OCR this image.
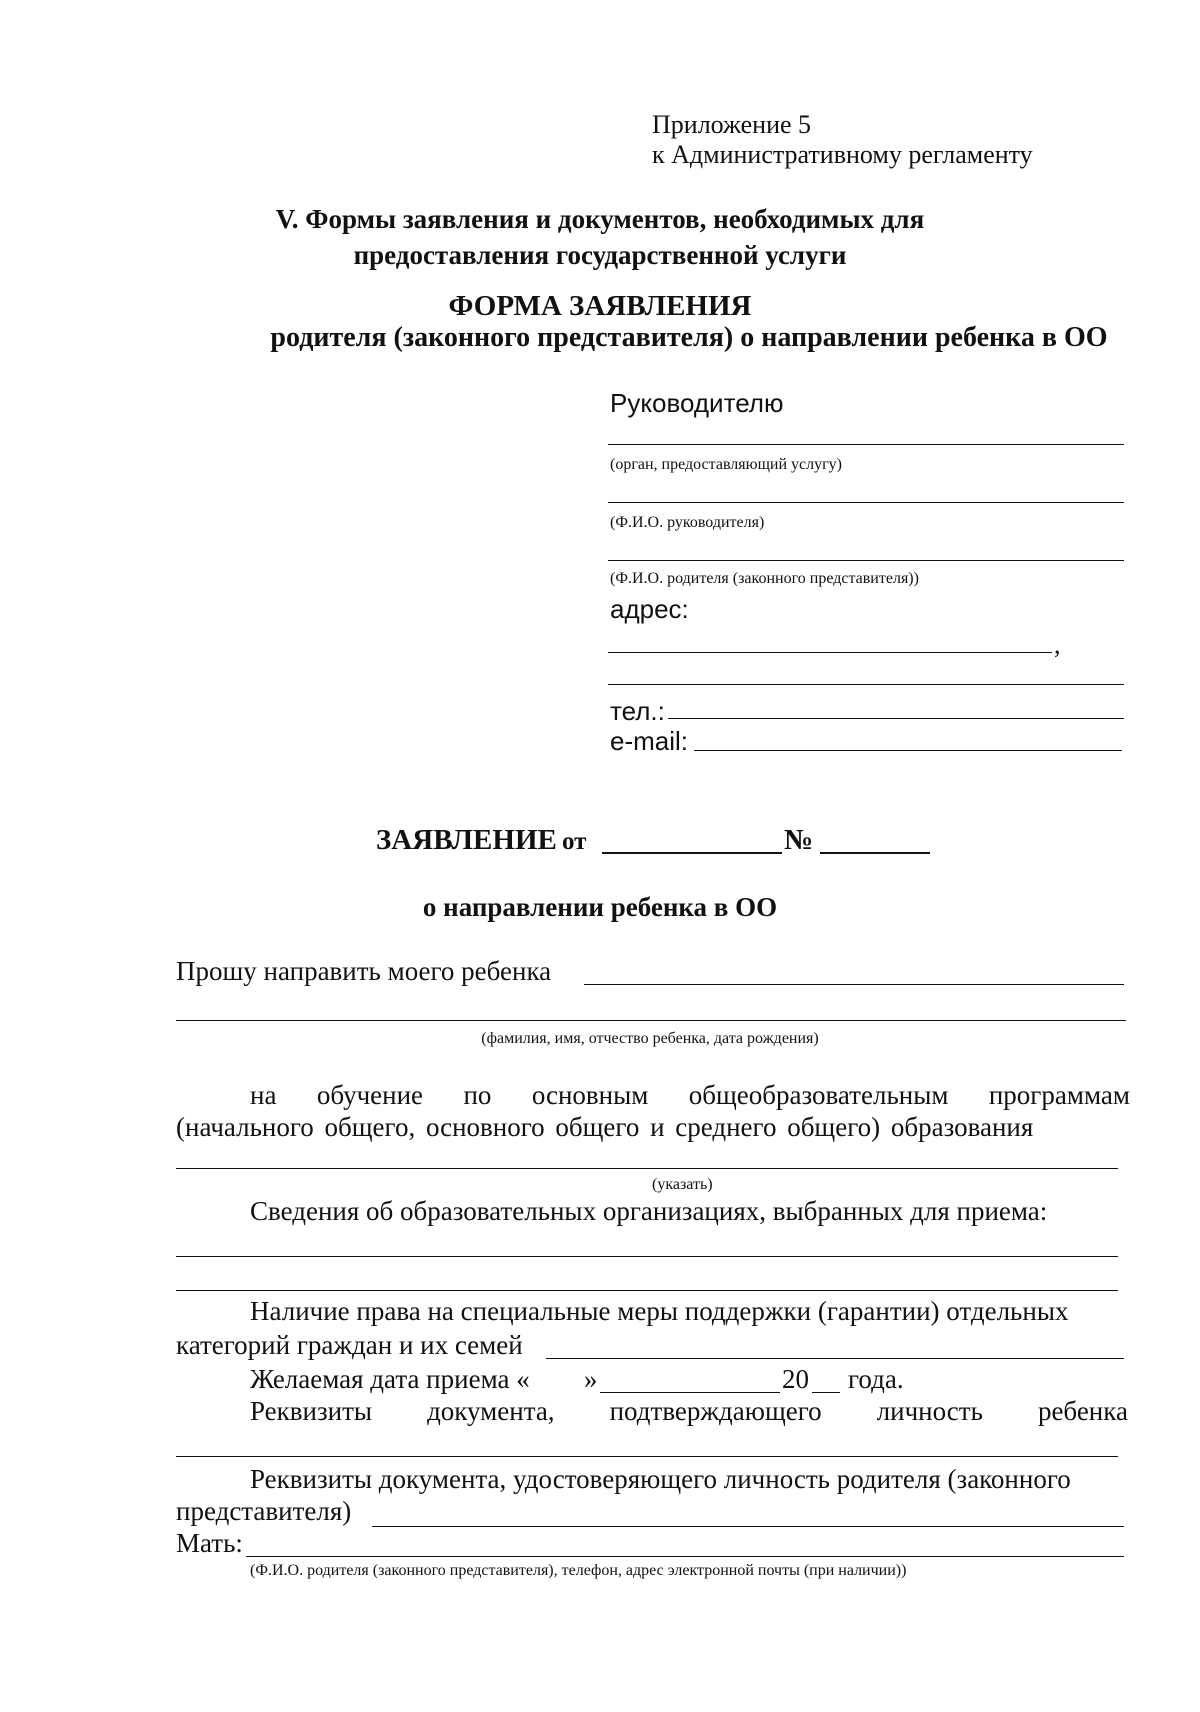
Приложение 5
к Административному регламенту
V. Формы заявления и документов, необходимых для
предоставления государственной услуги
ФОРМА ЗАЯВЛЕНИЯ
родителя (законного представителя) о направлении ребенка в ОО
Руководителю
(орган, предоставляющий услугу)
(Ф.И.О. руководителя)
(Ф.И.О. родителя (законного представителя))
адрес:
,
тел.:
e-mail:
ЗАЯВЛЕНИЕ от	№
о направлении ребенка в ОО
Прошу направить моего ребенка
(фамилия, имя, отчество ребенка, дата рождения)
на обучение по основным общеобразовательным программам
(начального общего, основного общего и среднего общего) образования
(указать)
Сведения об образовательных организациях, выбранных для приема:
Наличие права на специальные меры поддержки (гарантии) отдельных
категорий граждан и их семей
Желаемая дата приема « »	20 года.
Реквизиты документа, подтверждающего личность ребенка
Реквизиты документа, удостоверяющего личность родителя (законного
представителя)
Мать:
(Ф.И.О. родителя (законного представителя), телефон, адрес электронной почты (при наличии))
